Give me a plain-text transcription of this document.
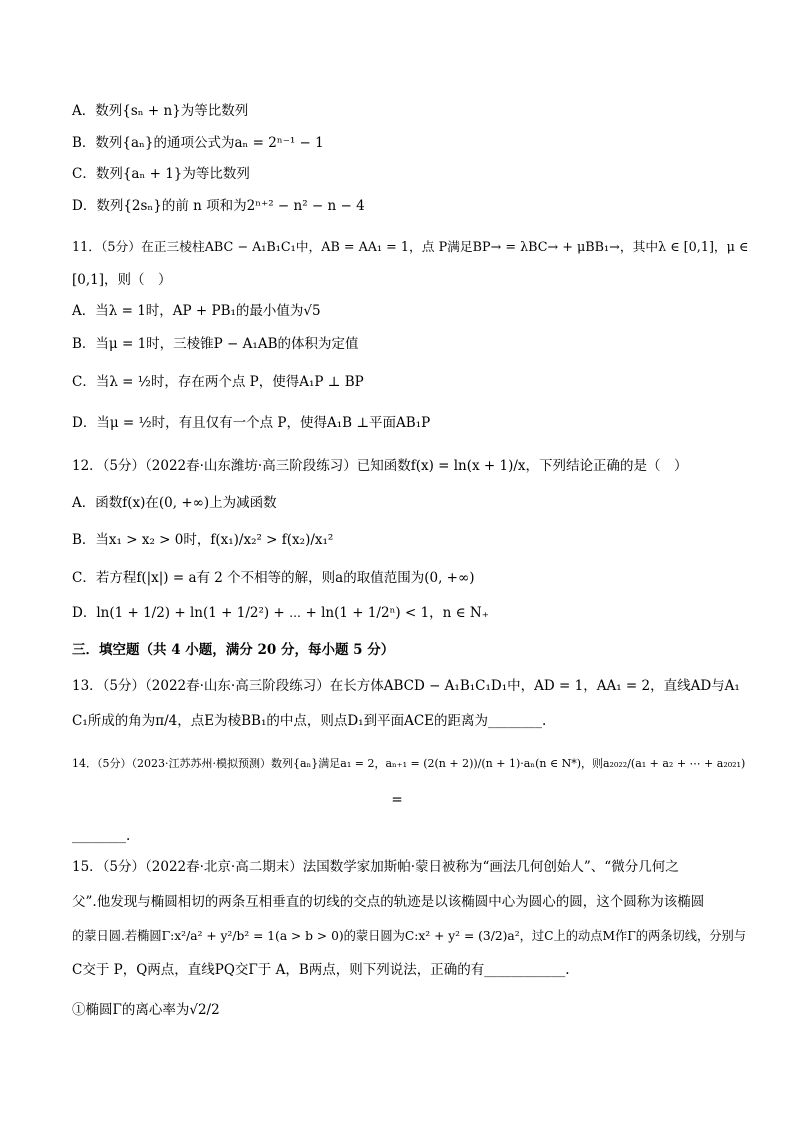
A．数列{sₙ + n}为等比数列
B．数列{aₙ}的通项公式为aₙ = 2ⁿ⁻¹ − 1
C．数列{aₙ + 1}为等比数列
D．数列{2sₙ}的前 n 项和为2ⁿ⁺² − n² − n − 4
11．（5分）在正三棱柱ABC − A₁B₁C₁中，AB = AA₁ = 1，点 P满足BP→ = λBC→ + μBB₁→，其中λ ∈ [0,1]，μ ∈
[0,1]，则（　）
A．当λ = 1时，AP + PB₁的最小值为√5
B．当μ = 1时，三棱锥P − A₁AB的体积为定值
C．当λ = ½时，存在两个点 P，使得A₁P ⊥ BP
D．当μ = ½时，有且仅有一个点 P，使得A₁B ⊥平面AB₁P
12．（5分）（2022春·山东潍坊·高三阶段练习）已知函数f(x) = ln(x + 1)/x，下列结论正确的是（　）
A．函数f(x)在(0, +∞)上为减函数
B．当x₁ > x₂ > 0时，f(x₁)/x₂² > f(x₂)/x₁²
C．若方程f(|x|) = a有 2 个不相等的解，则a的取值范围为(0, +∞)
D．ln(1 + 1/2) + ln(1 + 1/2²) + ⋯ + ln(1 + 1/2ⁿ) < 1，n ∈ N₊
三．填空题（共 4 小题，满分 20 分，每小题 5 分）
13．（5分）（2022春·山东·高三阶段练习）在长方体ABCD − A₁B₁C₁D₁中，AD = 1，AA₁ = 2，直线AD与A₁
C₁所成的角为π/4，点E为棱BB₁的中点，则点D₁到平面ACE的距离为________.
14．（5分）（2023·江苏苏州·模拟预测）数列{aₙ}满足a₁ = 2，aₙ₊₁ = (2(n + 2))/(n + 1)·aₙ(n ∈ N*)，则a₂₀₂₂/(a₁ + a₂ + ⋯ + a₂₀₂₁)
=
________.
15．（5分）（2022春·北京·高二期末）法国数学家加斯帕·蒙日被称为“画法几何创始人”、“微分几何之
父”.他发现与椭圆相切的两条互相垂直的切线的交点的轨迹是以该椭圆中心为圆心的圆，这个圆称为该椭圆
的蒙日圆.若椭圆Γ:x²/a² + y²/b² = 1(a > b > 0)的蒙日圆为C:x² + y² = (3/2)a²，过C上的动点M作Γ的两条切线，分别与
C交于 P，Q两点，直线PQ交Γ于 A，B两点，则下列说法，正确的有____________.
①椭圆Γ的离心率为√2/2
